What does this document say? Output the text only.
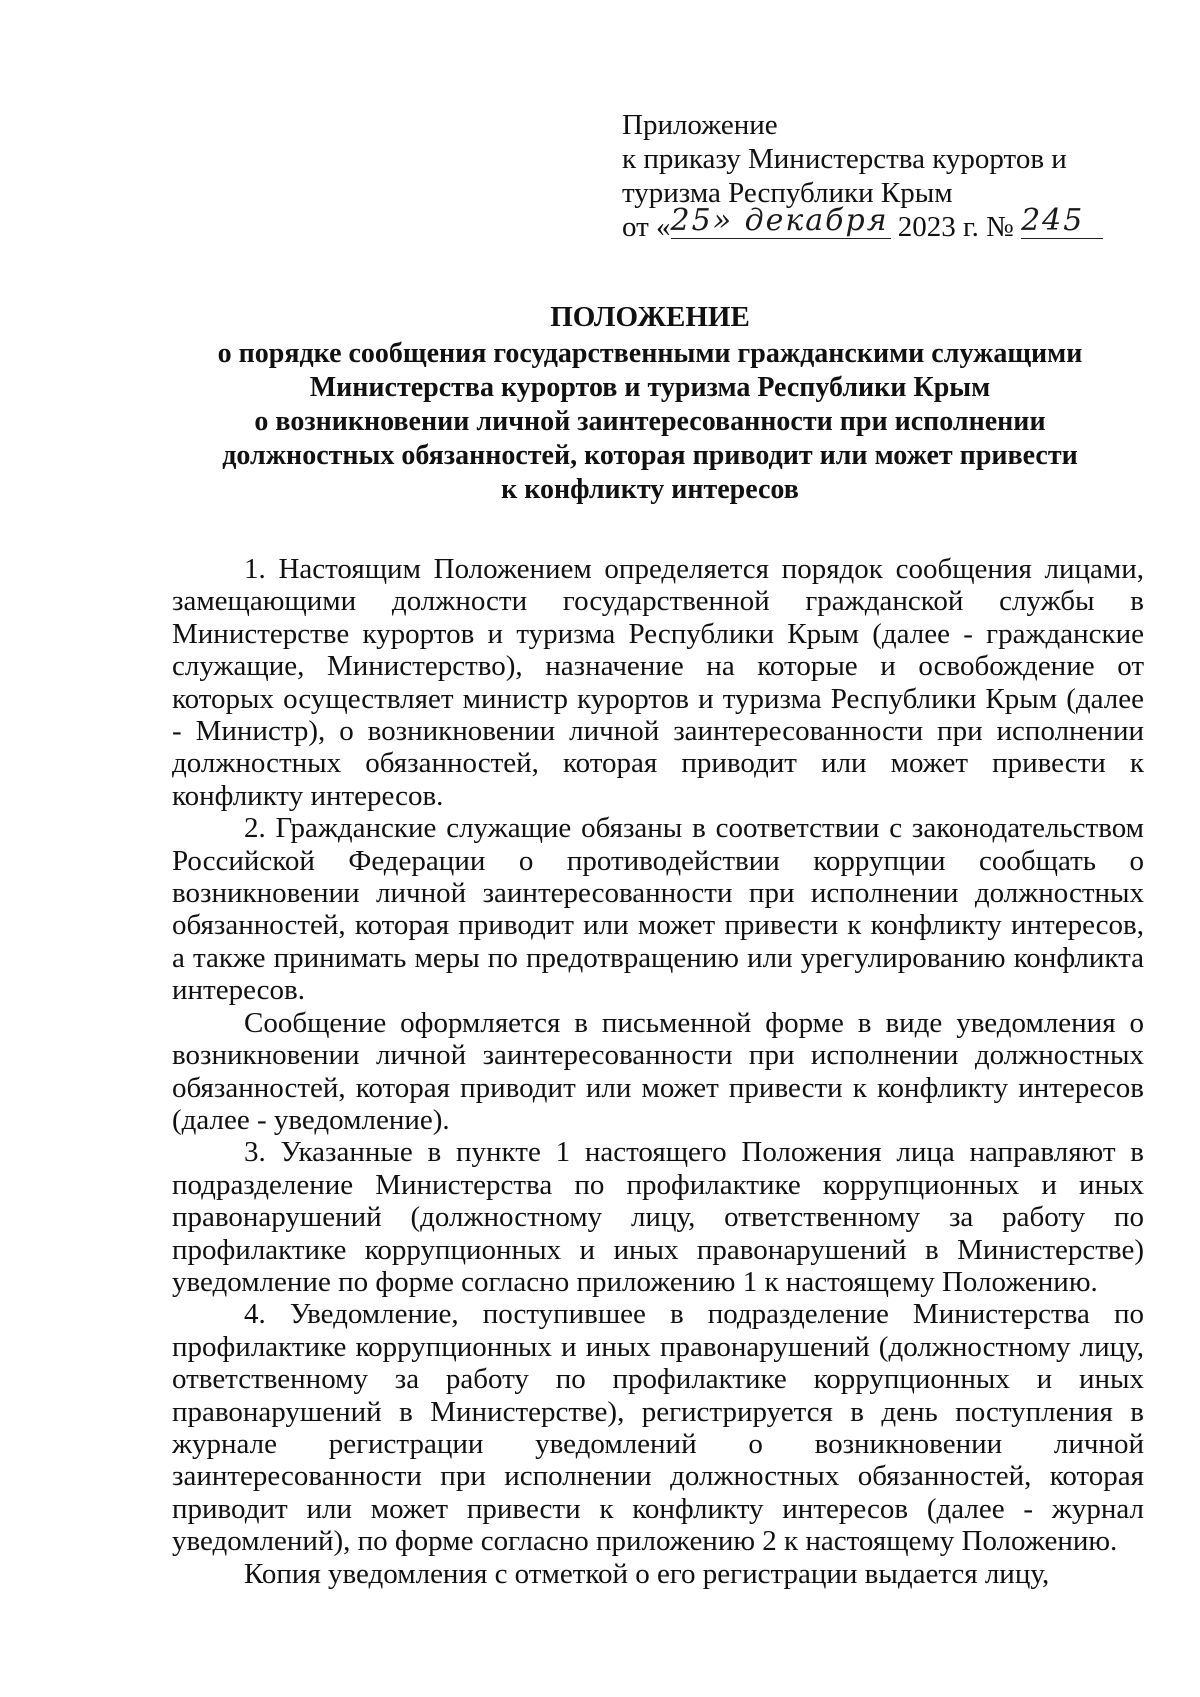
Приложение
к приказу Министерства курортов и
туризма Республики Крым
от «25» декабря 2023 г. № 245
ПОЛОЖЕНИЕ
о порядке сообщения государственными гражданскими служащими
Министерства курортов и туризма Республики Крым
о возникновении личной заинтересованности при исполнении
должностных обязанностей, которая приводит или может привести
к конфликту интересов

1. Настоящим Положением определяется порядок сообщения лицами, замещающими должности государственной гражданской службы в Министерстве курортов и туризма Республики Крым (далее - гражданские служащие, Министерство), назначение на которые и освобождение от которых осуществляет министр курортов и туризма Республики Крым (далее - Министр), о возникновении личной заинтересованности при исполнении должностных обязанностей, которая приводит или может привести к конфликту интересов.

2. Гражданские служащие обязаны в соответствии с законодательством Российской Федерации о противодействии коррупции сообщать о возникновении личной заинтересованности при исполнении должностных обязанностей, которая приводит или может привести к конфликту интересов, а также принимать меры по предотвращению или урегулированию конфликта интересов.

Сообщение оформляется в письменной форме в виде уведомления о возникновении личной заинтересованности при исполнении должностных обязанностей, которая приводит или может привести к конфликту интересов (далее - уведомление).

3. Указанные в пункте 1 настоящего Положения лица направляют в подразделение Министерства по профилактике коррупционных и иных правонарушений (должностному лицу, ответственному за работу по профилактике коррупционных и иных правонарушений в Министерстве) уведомление по форме согласно приложению 1 к настоящему Положению.

4. Уведомление, поступившее в подразделение Министерства по профилактике коррупционных и иных правонарушений (должностному лицу, ответственному за работу по профилактике коррупционных и иных правонарушений в Министерстве), регистрируется в день поступления в журнале регистрации уведомлений о возникновении личной заинтересованности при исполнении должностных обязанностей, которая приводит или может привести к конфликту интересов (далее - журнал уведомлений), по форме согласно приложению 2 к настоящему Положению.

Копия уведомления с отметкой о его регистрации выдается лицу,
